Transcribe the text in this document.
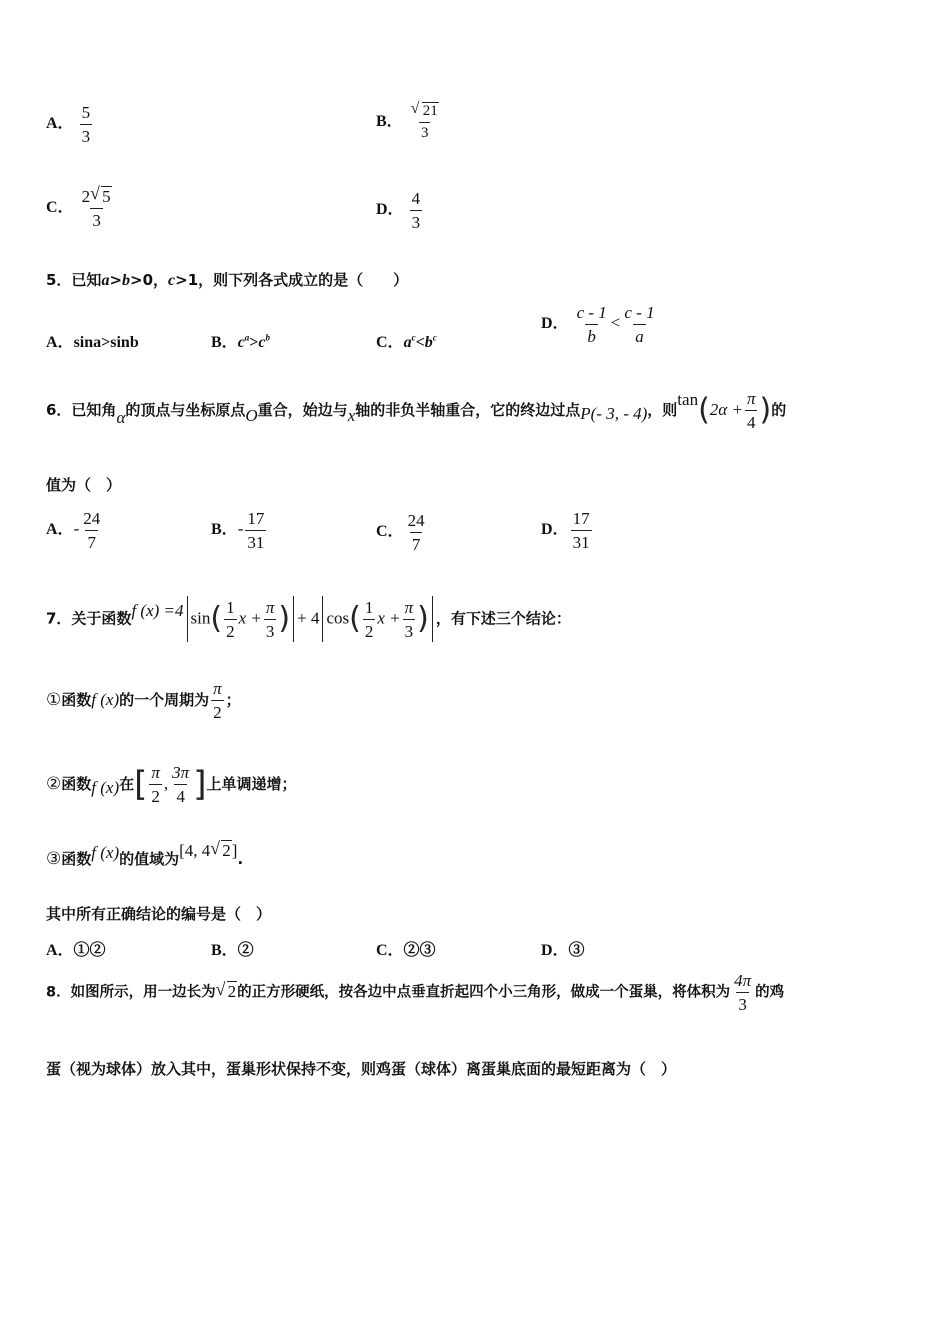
A． $\frac{5}{3}$	B． $\frac{√ 21}{3}$
C． $\frac{2 √ 5}{3}$	D． $\frac{4}{3}$
5．已知a>b>0，c>1，则下列各式成立的是（　　）
A．sina>sinb	B．$c^a>c^b$	C．$a^c<b^c$
D． $\frac{c - 1}{b} < \frac{c - 1}{a}$
6．已知角α的顶点与坐标原点O重合，始边与x轴的非负半轴重合，它的终边过点P(- 3, - 4)，则$\tan(2\alpha + \frac{\pi}{4}$ )的
值为（　）
A．- $\frac{24}{7}$	B．- $\frac{17}{31}$	C． $\frac{24}{7}$	D． $\frac{17}{31}$
7．关于函数f (x) =4 $\sin( \frac{1}{2}$ $x + \frac{\pi}{3}$ ) + 4 $\cos( \frac{1}{2}$ $x + \frac{\pi}{3}$ ) ，有下述三个结论：
①函数f (x)的一个周期为 $\frac{\pi}{2}$ ；
②函数f (x)在[ $\frac{\pi}{2}$ , $\frac{3\pi}{4}$ ]上单调递增；
③函数f (x)的值域为[4, 4 √ 2].
其中所有正确结论的编号是（　）
A．①②	B．②	C．②③	D．③
8．如图所示，用一边长为 √ 2的正方形硬纸，按各边中点垂直折起四个小三角形，做成一个蛋巢，将体积为 $\frac{4\pi}{3}$ 的鸡
蛋（视为球体）放入其中，蛋巢形状保持不变，则鸡蛋（球体）离蛋巢底面的最短距离为（　）
